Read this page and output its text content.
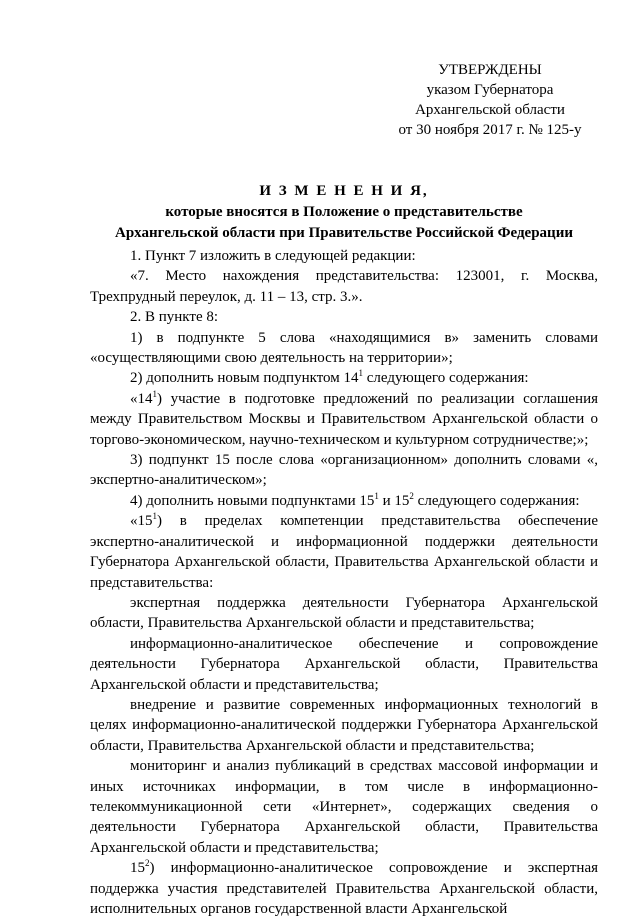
УТВЕРЖДЕНЫ
указом Губернатора
Архангельской области
от 30 ноября 2017 г. № 125-у
И З М Е Н Е Н И Я,
которые вносятся в Положение о представительстве
Архангельской области при Правительстве Российской Федерации

1. Пункт 7 изложить в следующей редакции:

«7. Место нахождения представительства: 123001, г. Москва, Трехпрудный переулок, д. 11 – 13, стр. 3.».

2. В пункте 8:

1) в подпункте 5 слова «находящимися в» заменить словами «осуществляющими свою деятельность на территории»;

2) дополнить новым подпунктом $14^1$ следующего содержания:

«$14^1$) участие в подготовке предложений по реализации соглашения между Правительством Москвы и Правительством Архангельской области о торгово-экономическом, научно-техническом и культурном сотрудничестве;»;

3) подпункт 15 после слова «организационном» дополнить словами «, экспертно-аналитическом»;

4) дополнить новыми подпунктами $15^1$ и $15^2$ следующего содержания:

«$15^1$) в пределах компетенции представительства обеспечение экспертно-аналитической и информационной поддержки деятельности Губернатора Архангельской области, Правительства Архангельской области и представительства:

экспертная поддержка деятельности Губернатора Архангельской области, Правительства Архангельской области и представительства;

информационно-аналитическое обеспечение и сопровождение деятельности Губернатора Архангельской области, Правительства Архангельской области и представительства;

внедрение и развитие современных информационных технологий в целях информационно-аналитической поддержки Губернатора Архангельской области, Правительства Архангельской области и представительства;

мониторинг и анализ публикаций в средствах массовой информации и иных источниках информации, в том числе в информационно-телекоммуникационной сети «Интернет», содержащих сведения о деятельности Губернатора Архангельской области, Правительства Архангельской области и представительства;

$15^2$) информационно-аналитическое сопровождение и экспертная поддержка участия представителей Правительства Архангельской области, исполнительных органов государственной власти Архангельской
